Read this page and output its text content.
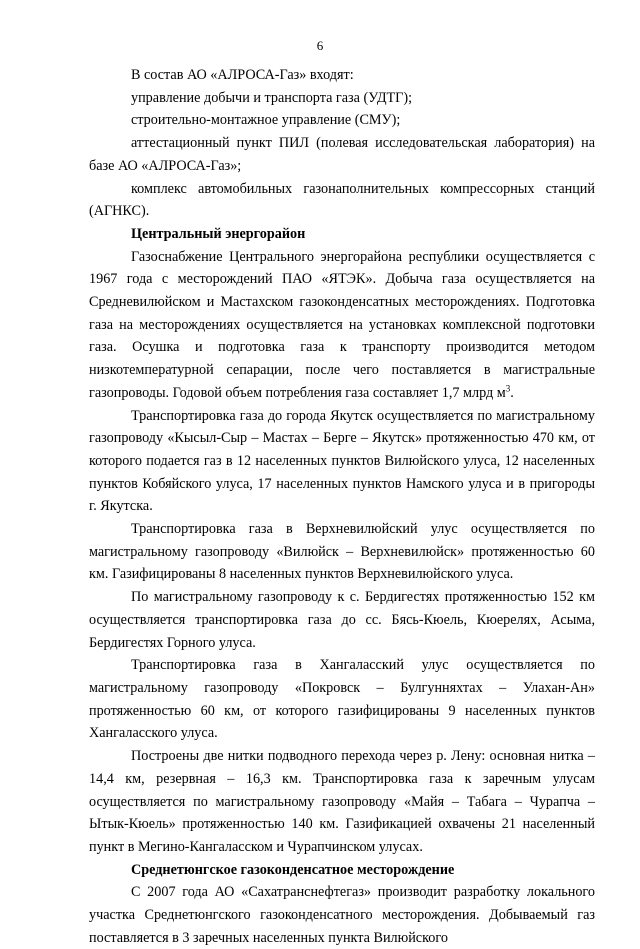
6

В состав АО «АЛРОСА-Газ» входят:

управление добычи и транспорта газа (УДТГ);

строительно-монтажное управление (СМУ);

аттестационный пункт ПИЛ (полевая исследовательская лаборатория) на базе АО «АЛРОСА-Газ»;

комплекс автомобильных газонаполнительных компрессорных станций (АГНКС).

Центральный энергорайон

Газоснабжение Центрального энергорайона республики осуществляется с 1967 года с месторождений ПАО «ЯТЭК». Добыча газа осуществляется на Средневилюйском и Мастахском газоконденсатных месторождениях. Подготовка газа на месторождениях осуществляется на установках комплексной подготовки газа. Осушка и подготовка газа к транспорту производится методом низкотемпературной сепарации, после чего поставляется в магистральные газопроводы. Годовой объем потребления газа составляет 1,7 млрд $м^3$.

Транспортировка газа до города Якутск осуществляется по магистральному газопроводу «Кысыл-Сыр – Мастах – Берге – Якутск» протяженностью 470 км, от которого подается газ в 12 населенных пунктов Вилюйского улуса, 12 населенных пунктов Кобяйского улуса, 17 населенных пунктов Намского улуса и в пригороды г. Якутска.

Транспортировка газа в Верхневилюйский улус осуществляется по магистральному газопроводу «Вилюйск – Верхневилюйск» протяженностью 60 км. Газифицированы 8 населенных пунктов Верхневилюйского улуса.

По магистральному газопроводу к с. Бердигестях протяженностью 152 км осуществляется транспортировка газа до сс. Бясь-Кюель, Кюерелях, Асыма, Бердигестях Горного улуса.

Транспортировка газа в Хангаласский улус осуществляется по магистральному газопроводу «Покровск – Булгунняхтах – Улахан-Ан» протяженностью 60 км, от которого газифицированы 9 населенных пунктов Хангаласского улуса.

Построены две нитки подводного перехода через р. Лену: основная нитка – 14,4 км, резервная – 16,3 км. Транспортировка газа к заречным улусам осуществляется по магистральному газопроводу «Майя – Табага – Чурапча – Ытык-Кюель» протяженностью 140 км. Газификацией охвачены 21 населенный пункт в Мегино-Кангаласском и Чурапчинском улусах.

Среднетюнгское газоконденсатное месторождение

С 2007 года АО «Сахатранснефтегаз» производит разработку локального участка Среднетюнгского газоконденсатного месторождения. Добываемый газ поставляется в 3 заречных населенных пункта Вилюйского
